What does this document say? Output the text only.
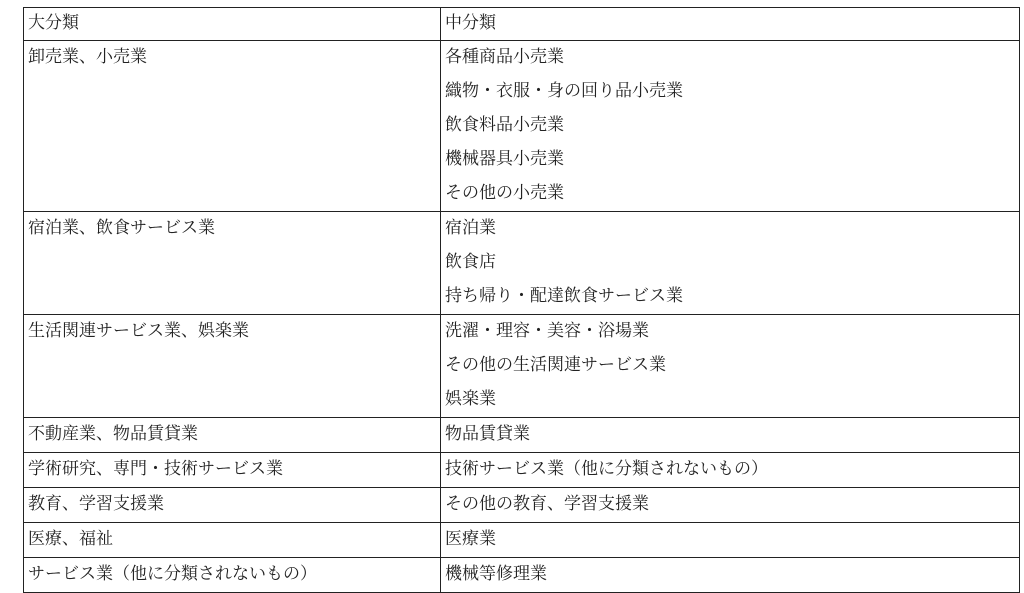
大分類	中分類

卸売業、小売業	各種商品小売業
織物・衣服・身の回り品小売業
飲食料品小売業
機械器具小売業
その他の小売業

宿泊業、飲食サービス業	宿泊業
飲食店
持ち帰り・配達飲食サービス業

生活関連サービス業、娯楽業	洗濯・理容・美容・浴場業
その他の生活関連サービス業
娯楽業

不動産業、物品賃貸業	物品賃貸業

学術研究、専門・技術サービス業	技術サービス業（他に分類されないもの）

教育、学習支援業	その他の教育、学習支援業

医療、福祉	医療業

サービス業（他に分類されないもの）	機械等修理業
